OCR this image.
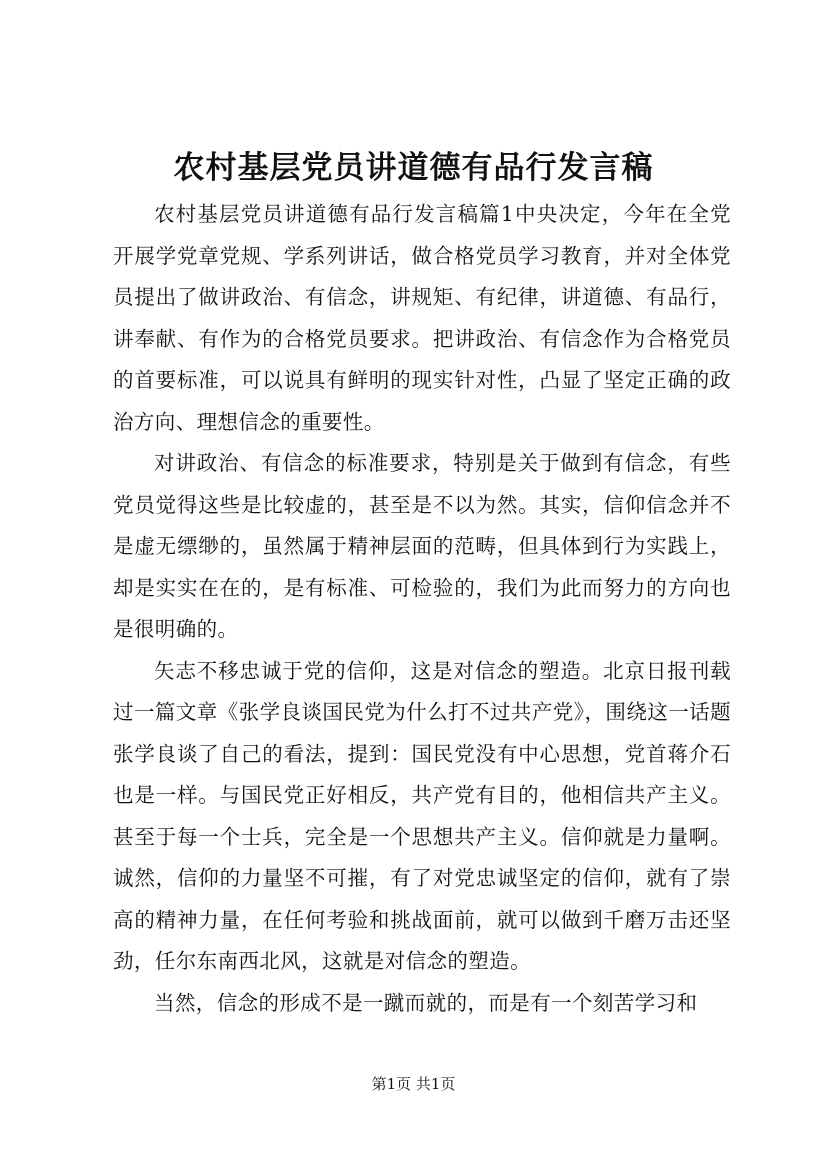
农村基层党员讲道德有品行发言稿

农村基层党员讲道德有品行发言稿篇1中央决定，今年在全党开展学党章党规、学系列讲话，做合格党员学习教育，并对全体党员提出了做讲政治、有信念，讲规矩、有纪律，讲道德、有品行，讲奉献、有作为的合格党员要求。把讲政治、有信念作为合格党员的首要标准，可以说具有鲜明的现实针对性，凸显了坚定正确的政治方向、理想信念的重要性。

对讲政治、有信念的标准要求，特别是关于做到有信念，有些党员觉得这些是比较虚的，甚至是不以为然。其实，信仰信念并不是虚无缥缈的，虽然属于精神层面的范畴，但具体到行为实践上，却是实实在在的，是有标准、可检验的，我们为此而努力的方向也是很明确的。

矢志不移忠诚于党的信仰，这是对信念的塑造。北京日报刊载过一篇文章《张学良谈国民党为什么打不过共产党》，围绕这一话题张学良谈了自己的看法，提到：国民党没有中心思想，党首蒋介石也是一样。与国民党正好相反，共产党有目的，他相信共产主义。甚至于每一个士兵，完全是一个思想共产主义。信仰就是力量啊。诚然，信仰的力量坚不可摧，有了对党忠诚坚定的信仰，就有了崇高的精神力量，在任何考验和挑战面前，就可以做到千磨万击还坚劲，任尔东南西北风，这就是对信念的塑造。

当然，信念的形成不是一蹴而就的，而是有一个刻苦学习和

第1页 共1页
